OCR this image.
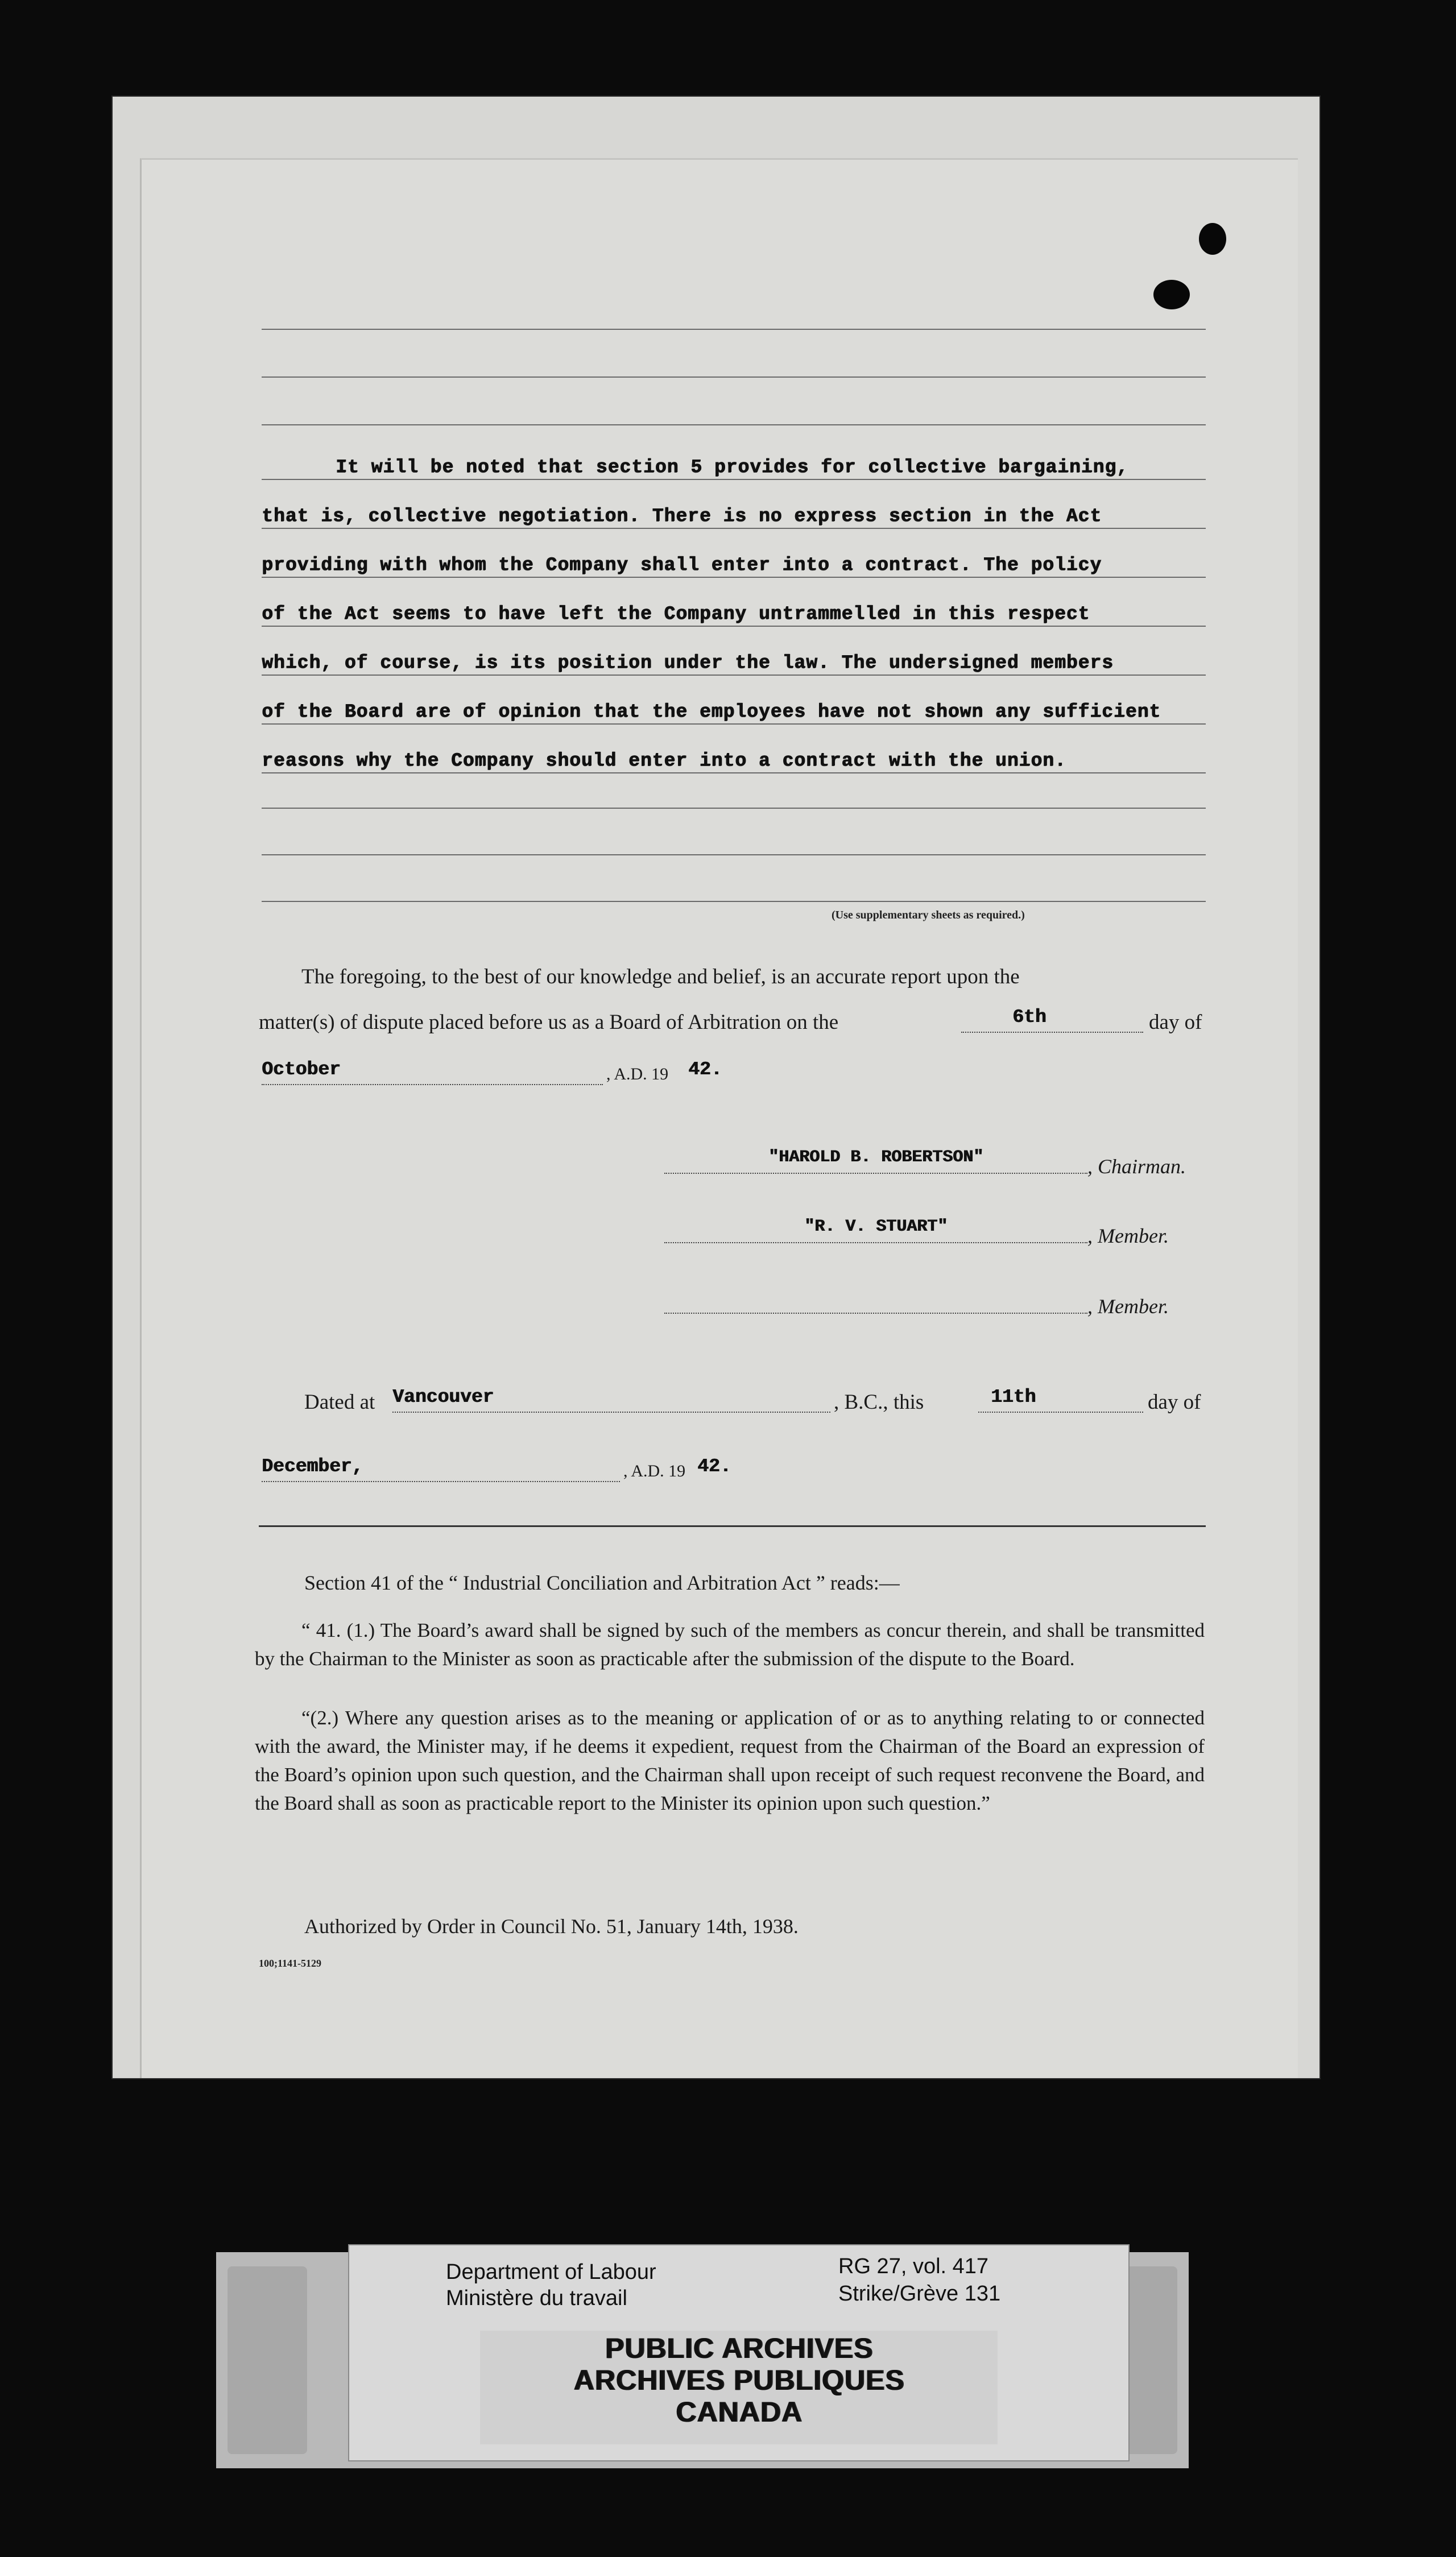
It will be noted that section 5 provides for collective bargaining,
that is, collective negotiation. There is no express section in the Act
providing with whom the Company shall enter into a contract. The policy
of the Act seems to have left the Company untrammelled in this respect
which, of course, is its position under the law. The undersigned members
of the Board are of opinion that the employees have not shown any sufficient
reasons why the Company should enter into a contract with the union.
(Use supplementary sheets as required.)
The foregoing, to the best of our knowledge and belief, is an accurate report upon the
matter(s) of dispute placed before us as a Board of Arbitration on the	6th	day of
October	, A.D. 19 42.
"HAROLD B. ROBERTSON"	, Chairman.
"R. V. STUART"	, Member.
, Member.
Dated at Vancouver	, B.C., this	11th	day of
December,	, A.D. 19 42.
Section 41 of the “ Industrial Conciliation and Arbitration Act ” reads:—

“ 41. (1.) The Board’s award shall be signed by such of the members as concur therein, and shall be transmitted by the Chairman to the Minister as soon as practicable after the submission of the dispute to the Board.

“(2.) Where any question arises as to the meaning or application of or as to anything relating to or connected with the award, the Minister may, if he deems it expedient, request from the Chairman of the Board an expression of the Board’s opinion upon such question, and the Chairman shall upon receipt of such request reconvene the Board, and the Board shall as soon as practicable report to the Minister its opinion upon such question.”

Authorized by Order in Council No. 51, January 14th, 1938.
100;1141-5129
Department of Labour
Ministère du travail
RG 27, vol. 417
Strike/Grève 131
PUBLIC ARCHIVES
ARCHIVES PUBLIQUES
CANADA
